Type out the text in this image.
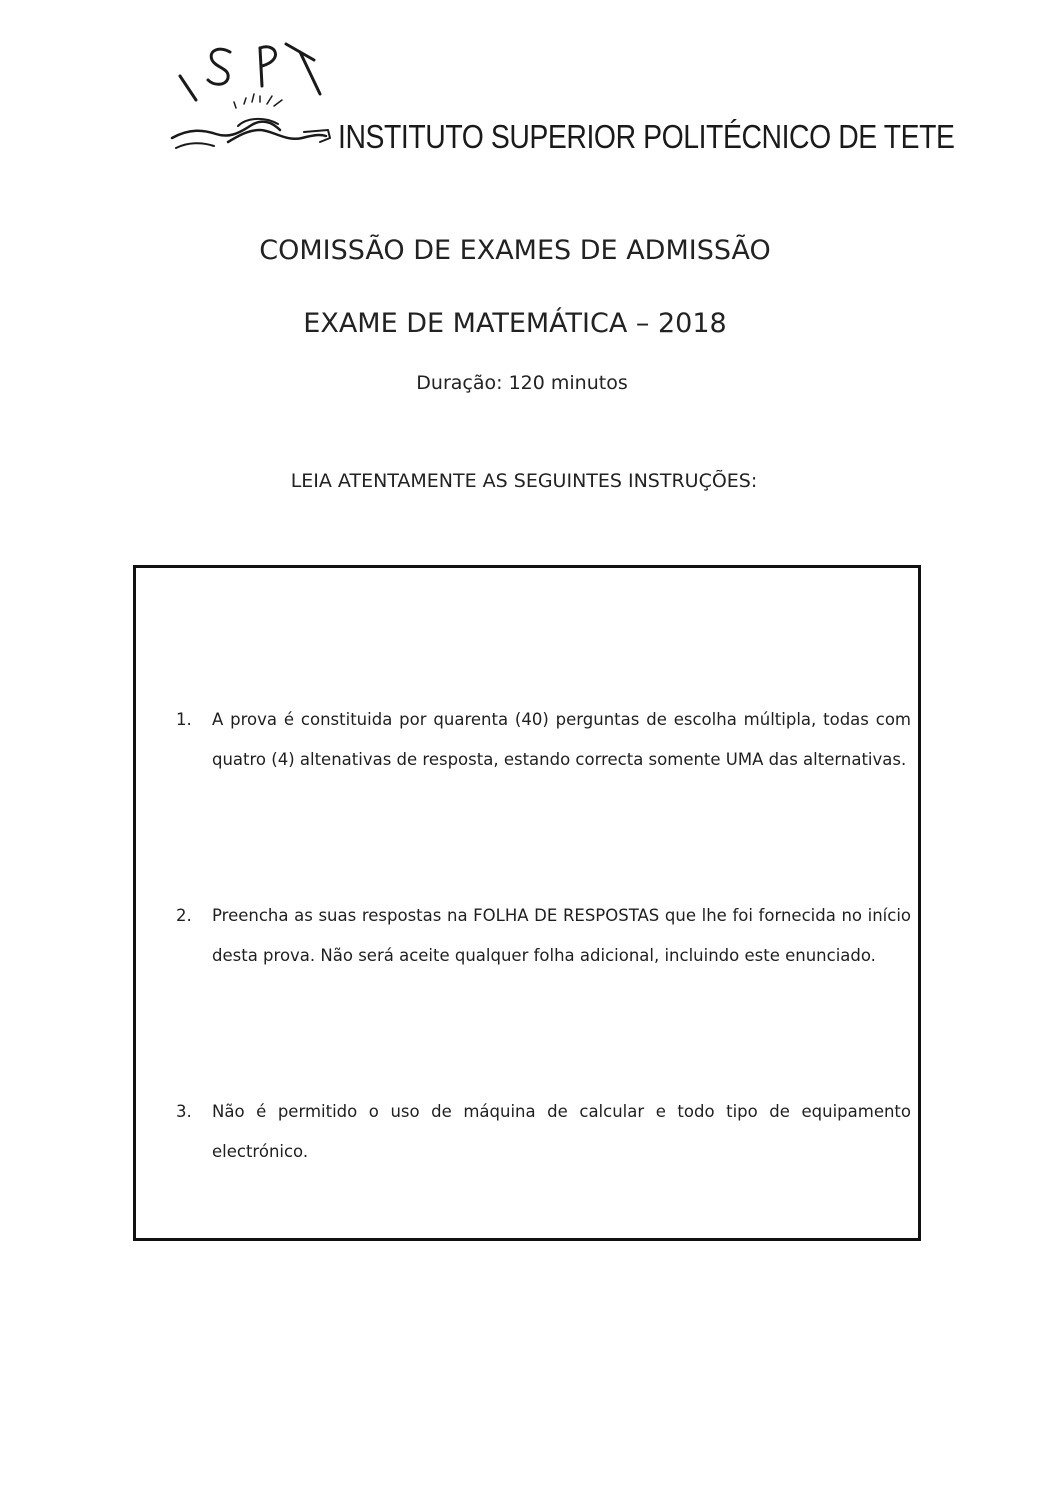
INSTITUTO SUPERIOR POLITÉCNICO DE TETE
COMISSÃO DE EXAMES DE ADMISSÃO
EXAME DE MATEMÁTICA – 2018
Duração: 120 minutos
LEIA ATENTAMENTE AS SEGUINTES INSTRUÇÕES:
1.	A prova é constituida por quarenta (40) perguntas de escolha múltipla, todas com quatro (4) altenativas de resposta, estando correcta somente UMA das alternativas.
2.	Preencha as suas respostas na FOLHA DE RESPOSTAS que lhe foi fornecida no início desta prova. Não será aceite qualquer folha adicional, incluindo este enunciado.
3.	Não é permitido o uso de máquina de calcular e todo tipo de equipamento electrónico.
